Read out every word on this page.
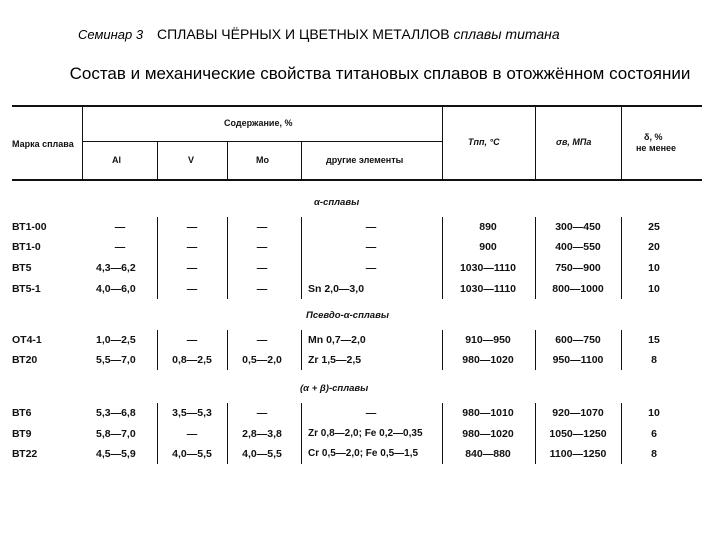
Семинар 3 СПЛАВЫ ЧЁРНЫХ И ЦВЕТНЫХ МЕТАЛЛОВ сплавы титана
Состав и механические свойства титановых сплавов в отожжённом состоянии
Марка сплава
Содержание, %
Al	V	Mo	другие элементы
Tпп, °C	σв, МПа	δ, %
не менее
α-сплавы
ВТ1-00	—	—	—	—	890	300—450	25
ВТ1-0	—	—	—	—	900	400—550	20
ВТ5	4,3—6,2	—	—	—	1030—1110	750—900	10
ВТ5-1	4,0—6,0	—	—	Sn 2,0—3,0	1030—1110	800—1000	10
Псевдо-α-сплавы
ОТ4-1	1,0—2,5	—	—	Mn 0,7—2,0	910—950	600—750	15
ВТ20	5,5—7,0	0,8—2,5	0,5—2,0	Zr 1,5—2,5	980—1020	950—1100	8
(α + β)-сплавы
ВТ6	5,3—6,8	3,5—5,3	—	—	980—1010	920—1070	10
ВТ9	5,8—7,0	—	2,8—3,8	Zr 0,8—2,0; Fe 0,2—0,35	980—1020	1050—1250	6
ВТ22	4,5—5,9	4,0—5,5	4,0—5,5	Cr 0,5—2,0; Fe 0,5—1,5	840—880	1100—1250	8
